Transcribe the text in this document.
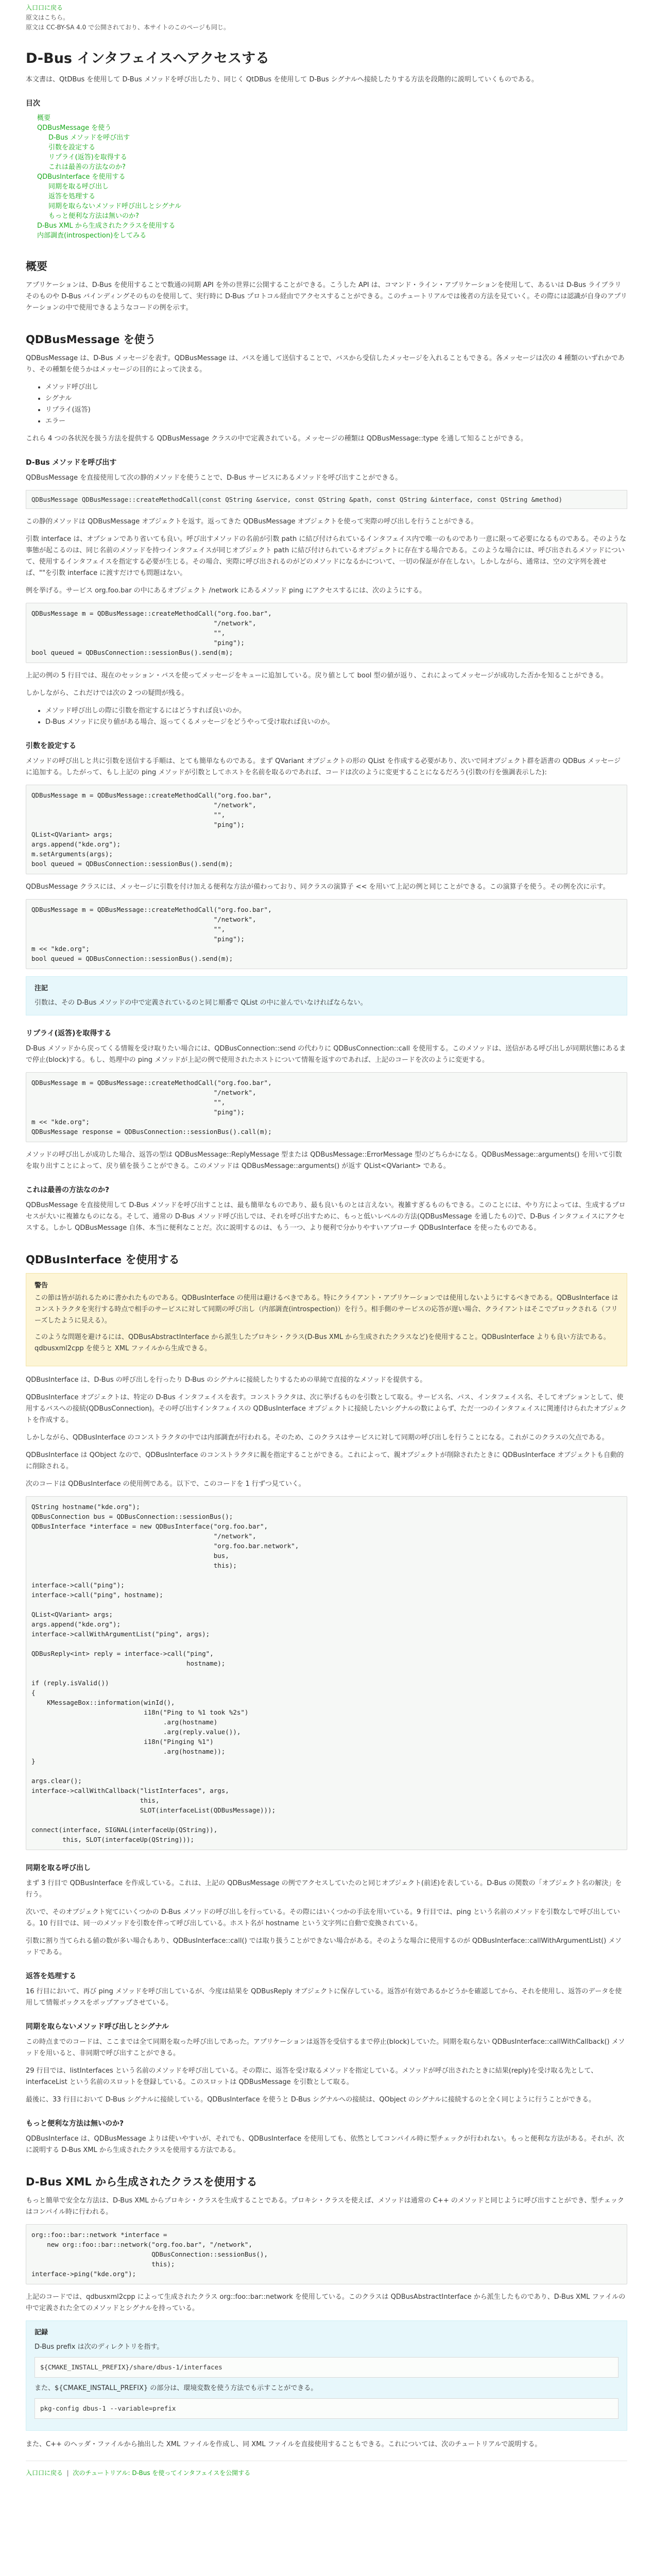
入口口に戻る
原文はこちら。
原文は CC-BY-SA 4.0 で公開されており、本サイトのこのページも同じ。
D-Bus インタフェイスへアクセスする

本文書は、QtDBus を使用して D-Bus メソッドを呼び出したり、同じく QtDBus を使用して D-Bus シグナルへ接続したりする方法を段階的に説明していくものである。

目次
概要
QDBusMessage を使う
D-Bus メソッドを呼び出す
引数を設定する
リプライ(返答)を取得する
これは最善の方法なのか?
QDBusInterface を使用する
同期を取る呼び出し
返答を処理する
同期を取らないメソッド呼び出しとシグナル
もっと便利な方法は無いのか?
D-Bus XML から生成されたクラスを使用する
内部調査(introspection)をしてみる
概要

アプリケーションは、D-Bus を使用することで数通の同期 API を外の世界に公開することができる。こうした API は、コマンド・ライン・アプリケーションを使用して、あるいは D-Bus ライブラリそのものや D-Bus バインディングそのものを使用して、実行時に D-Bus プロトコル経由でアクセスすることができる。このチュートリアルでは後者の方法を見ていく。その際には認識が自身のアプリケーションの中で使用できるようなコードの例を示す。

QDBusMessage を使う

QDBusMessage は、D-Bus メッセージを表す。QDBusMessage は、バスを通して送信することで、バスから受信したメッセージを入れることもできる。各メッセージは次の 4 種類のいずれかであり、その種類を使うかはメッセージの目的によって決まる。

• メソッド呼び出し
• シグナル
• リプライ(返答)
• エラー

これら 4 つの各状況を扱う方法を提供する QDBusMessage クラスの中で定義されている。メッセージの種類は QDBusMessage::type を通して知ることができる。

D-Bus メソッドを呼び出す

QDBusMessage を直接使用して次の静的メソッドを使うことで、D-Bus サービスにあるメソッドを呼び出すことができる。

QDBusMessage QDBusMessage::createMethodCall(const QString &service, const QString &path, const QString &interface, const QString &method)

この静的メソッドは QDBusMessage オブジェクトを返す。返ってきた QDBusMessage オブジェクトを使って実際の呼び出しを行うことができる。

引数 interface は、オプションであり省いても良い。呼び出すメソッドの名前が引数 path に結び付けられているインタフェイス内で唯一のものであり一意に限って必要になるものである。そのような事態が起こるのは、同じ名前のメソッドを持つインタフェイスが同じオブジェクト path に結び付けられているオブジェクトに存在する場合である。このような場合には、呼び出されるメソッドについて、使用するインタフェイスを指定する必要が生じる。その場合、実際に呼び出されるのがどのメソッドになるかについて、一切の保証が存在しない。しかしながら、通常は、空の文字列を渡せば、""を引数 interface に渡すだけでも問題はない。

例を挙げる。サービス org.foo.bar の中にあるオブジェクト /network にあるメソッド ping にアクセスするには、次のようにする。

QDBusMessage m = QDBusMessage::createMethodCall("org.foo.bar",
"/network",
"",
"ping");
bool queued = QDBusConnection::sessionBus().send(m);

上記の例の 5 行目では、現在のセッション・バスを使ってメッセージをキューに追加している。戻り値として bool 型の値が返り、これによってメッセージが成功した否かを知ることができる。

しかしながら、これだけでは次の 2 つの疑問が残る。

• メソッド呼び出しの際に引数を指定するにはどうすれば良いのか。
• D-Bus メソッドに戻り値がある場合、返ってくるメッセージをどうやって受け取れば良いのか。
引数を設定する

メソッドの呼び出しと共に引数を送信する手順は、とても簡単なものである。まず QVariant オブジェクトの形の QList を作成する必要があり、次いで同オブジェクト群を語書の QDBus メッセージに追加する。したがって、もし上記の ping メソッドが引数としてホストを名前を取るのであれば、コードは次のように変更することになるだろう(引数の行を強調表示した):

QDBusMessage m = QDBusMessage::createMethodCall("org.foo.bar",
"/network",
"",
"ping");
QList<QVariant> args;
args.append("kde.org");
m.setArguments(args);
bool queued = QDBusConnection::sessionBus().send(m);

QDBusMessage クラスには、メッセージに引数を付け加える便利な方法が備わっており、同クラスの演算子 << を用いて上記の例と同じことができる。この演算子を使う。その例を次に示す。

QDBusMessage m = QDBusMessage::createMethodCall("org.foo.bar",
"/network",
"",
"ping");
m << "kde.org";
bool queued = QDBusConnection::sessionBus().send(m);
注記
引数は、その D-Bus メソッドの中で定義されているのと同じ順番で QList の中に並んでいなければならない。
リプライ(返答)を取得する

D-Bus メソッドから戻ってくる情報を受け取りたい場合には、QDBusConnection::send の代わりに QDBusConnection::call を使用する。このメソッドは、送信がある呼び出しが同期状態にあるまで停止(block)する。もし、処理中の ping メソッドが上記の例で使用されたホストについて情報を返すのであれば、上記のコードを次のように変更する。

QDBusMessage m = QDBusMessage::createMethodCall("org.foo.bar",
"/network",
"",
"ping");
m << "kde.org";
QDBusMessage response = QDBusConnection::sessionBus().call(m);

メソッドの呼び出しが成功した場合、返答の型は QDBusMessage::ReplyMessage 型または QDBusMessage::ErrorMessage 型のどちらかになる。QDBusMessage::arguments() を用いて引数を取り出すことによって、戻り値を扱うことができる。このメソッドは QDBusMessage::arguments() が返す QList<QVariant> である。

これは最善の方法なのか?

QDBusMessage を直接使用して D-Bus メソッドを呼び出すことは、最も簡単なものであり、最も良いものとは言えない。複雑すぎるものもできる。このことには、やり方によっては、生成するプロセスが大いに複雑なものになる。そして、通常の D-Bus メソッド呼び出しでは、それを呼び出すために、もっと低いレベルの方法(QDBusMessage を通したもの)で、D-Bus インタフェイスにアクセスする。しかし QDBusMessage 自体、本当に便利なことだ。次に説明するのは、もう一つ、より便利で分かりやすいアプローチ QDBusInterface を使ったものである。

QDBusInterface を使用する
警告

この節は皆が訪れるために書かれたものである。QDBusInterface の使用は避けるべきである。特にクライアント・アプリケーションでは使用しないようにするべきである。QDBusInterface はコンストラクタを実行する時点で相手のサービスに対して同期の呼び出し（内部調査(introspection)）を行う。相手側のサービスの応答が遅い場合、クライアントはそこでブロックされる（フリーズしたように見える）。

このような問題を避けるには、QDBusAbstractInterface から派生したプロキシ・クラス(D-Bus XML から生成されたクラスなど)を使用すること。QDBusInterface よりも良い方法である。qdbusxml2cpp を使うと XML ファイルから生成できる。

QDBusInterface は、D-Bus の呼び出しを行ったり D-Bus のシグナルに接続したりするための単純で直接的なメソッドを提供する。

QDBusInterface オブジェクトは、特定の D-Bus インタフェイスを表す。コンストラクタは、次に挙げるものを引数として取る。サービス名、パス、インタフェイス名、そしてオプションとして、使用するバスへの接続(QDBusConnection)。その呼び出すインタフェイスの QDBusInterface オブジェクトに接続したいシグナルの数によらず、ただ一つのインタフェイスに関連付けられたオブジェクトを作成する。

しかしながら、QDBusInterface のコンストラクタの中では内部調査が行われる。そのため、このクラスはサービスに対して同期の呼び出しを行うことになる。これがこのクラスの欠点である。

QDBusInterface は QObject なので、QDBusInterface のコンストラクタに親を指定することができる。これによって、親オブジェクトが削除されたときに QDBusInterface オブジェクトも自動的に削除される。

次のコードは QDBusInterface の使用例である。以下で、このコードを 1 行ずつ見ていく。

QString hostname("kde.org");
QDBusConnection bus = QDBusConnection::sessionBus();
QDBusInterface *interface = new QDBusInterface("org.foo.bar",
"/network",
"org.foo.bar.network",
bus,
this);

interface->call("ping");
interface->call("ping", hostname);

QList<QVariant> args;
args.append("kde.org");
interface->callWithArgumentList("ping", args);

QDBusReply<int> reply = interface->call("ping",
hostname);

if (reply.isValid())
{
KMessageBox::information(winId(),
i18n("Ping to %1 took %2s")
.arg(hostname)
.arg(reply.value()),
i18n("Pinging %1")
.arg(hostname));
}

args.clear();
interface->callWithCallback("listInterfaces", args,
this,
SLOT(interfaceList(QDBusMessage)));

connect(interface, SIGNAL(interfaceUp(QString)),
this, SLOT(interfaceUp(QString)));
同期を取る呼び出し

まず 3 行目で QDBusInterface を作成している。これは、上記の QDBusMessage の例でアクセスしていたのと同じオブジェクト(前述)を表している。D-Bus の関数の「オブジェクト名の解決」を行う。

次いで、そのオブジェクト宛てにいくつかの D-Bus メソッドの呼び出しを行っている。その際にはいくつかの手法を用いている。9 行目では、ping という名前のメソッドを引数なしで呼び出している。10 行目では、同一のメソッドを引数を伴って呼び出している。ホスト名が hostname という文字列に自動で変換されている。

引数に割り当てられる値の数が多い場合もあり、QDBusInterface::call() では取り扱うことができない場合がある。そのような場合に使用するのが QDBusInterface::callWithArgumentList() メソッドである。

返答を処理する

16 行目において、再び ping メソッドを呼び出しているが、今度は結果を QDBusReply オブジェクトに保存している。返答が有効であるかどうかを確認してから、それを使用し、返答のデータを使用して情報ボックスをポップアップさせている。

同期を取らないメソッド呼び出しとシグナル

この時点までのコードは、ここまでは全て同期を取った呼び出しであった。アプリケーションは返答を受信するまで停止(block)していた。同期を取らない QDBusInterface::callWithCallback() メソッドを用いると、非同期で呼び出すことができる。

29 行目では、listInterfaces という名前のメソッドを呼び出している。その際に、返答を受け取るメソッドを指定している。メソッドが呼び出されたときに結果(reply)を受け取る先として、interfaceList という名前のスロットを登録している。このスロットは QDBusMessage を引数として取る。

最後に、33 行目において D-Bus シグナルに接続している。QDBusInterface を使うと D-Bus シグナルへの接続は、QObject のシグナルに接続するのと全く同じように行うことができる。

もっと便利な方法は無いのか?

QDBusInterface は、QDBusMessage よりは使いやすいが、それでも、QDBusInterface を使用しても、依然としてコンパイル時に型チェックが行われない。もっと便利な方法がある。それが、次に説明する D-Bus XML から生成されたクラスを使用する方法である。

D-Bus XML から生成されたクラスを使用する

もっと簡単で安全な方法は、D-Bus XML からプロキシ・クラスを生成することである。プロキシ・クラスを使えば、メソッドは通常の C++ のメソッドと同じように呼び出すことができ、型チェックはコンパイル時に行われる。

org::foo::bar::network *interface =
new org::foo::bar::network("org.foo.bar", "/network",
QDBusConnection::sessionBus(),
this);
interface->ping("kde.org");

上記のコードでは、qdbusxml2cpp によって生成されたクラス org::foo::bar::network を使用している。このクラスは QDBusAbstractInterface から派生したものであり、D-Bus XML ファイルの中で定義された全てのメソッドとシグナルを持っている。

記録
D-Bus prefix は次のディレクトリを指す。
${CMAKE_INSTALL_PREFIX}/share/dbus-1/interfaces
また、${CMAKE_INSTALL_PREFIX} の部分は、環境変数を使う方法でも示すことができる。
pkg-config dbus-1 --variable=prefix

また、C++ のヘッダ・ファイルから抽出した XML ファイルを作成し、同 XML ファイルを直接使用することもできる。これについては、次のチュートリアルで説明する。

入口口に戻る  |  次のチュートリアル: D-Bus を使ってインタフェイスを公開する
